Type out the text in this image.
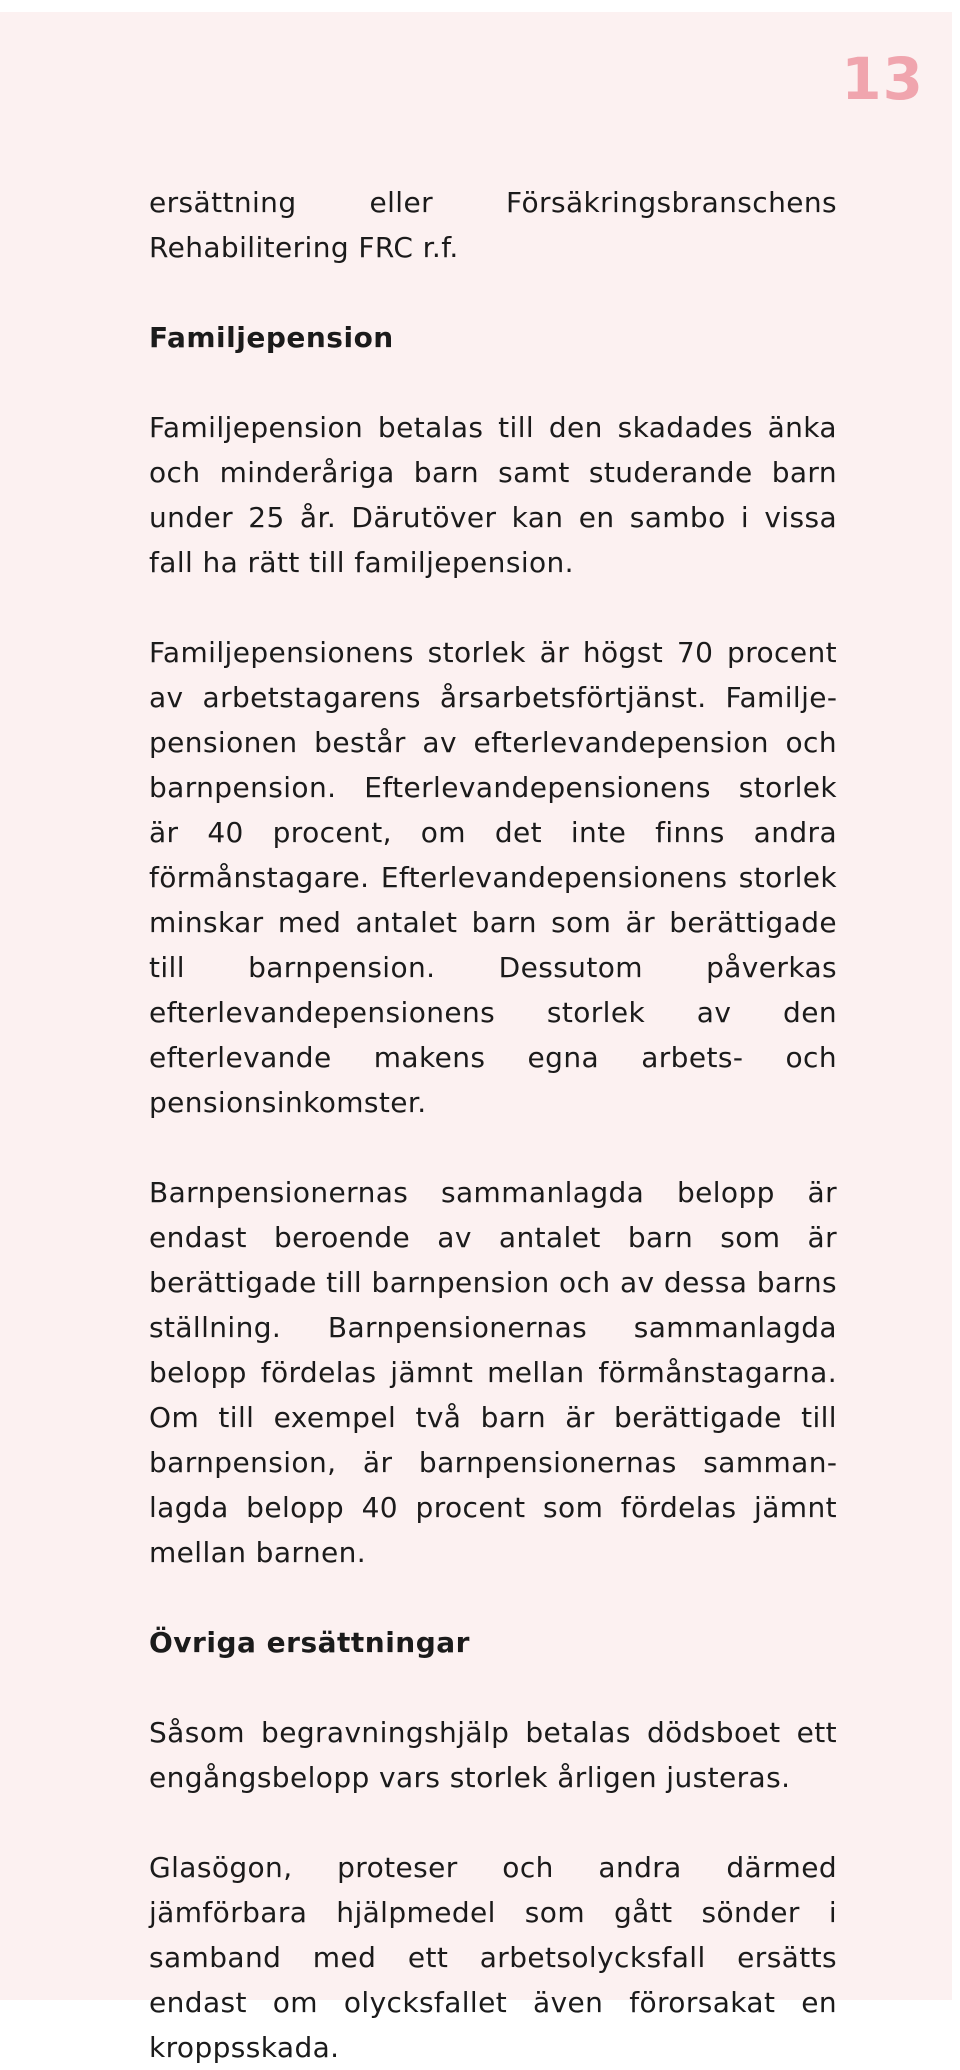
13

ersättning eller Försäkringsbranschens Rehabilitering FRC r.f.

Familjepension

Familjepension betalas till den skadades änka och minderåriga barn samt studerande barn under 25 år. Därutöver kan en sambo i vissa fall ha rätt till familjepension.

Familjepensionens storlek är högst 70 procent av arbetstagarens årsarbetsförtjänst. Familjepensionen består av efterlevandepension och barnpension. Efterlevandepensionens storlek är 40 procent, om det inte finns andra förmånstagare. Efterlevandepensionens storlek minskar med antalet barn som är berättigade till barnpension. Dessutom påverkas efterlevandepensionens storlek av den efterlevande makens egna arbets- och pensionsinkomster.

Barnpensionernas sammanlagda belopp är endast beroende av antalet barn som är berättigade till barnpension och av dessa barns ställning. Barnpensionernas sammanlagda belopp fördelas jämnt mellan förmånstagarna. Om till exempel två barn är berättigade till barnpension, är barnpensionernas sammanlagda belopp 40 procent som fördelas jämnt mellan barnen.

Övriga ersättningar

Såsom begravningshjälp betalas dödsboet ett engångsbelopp vars storlek årligen justeras.

Glasögon, proteser och andra därmed jämförbara hjälpmedel som gått sönder i samband med ett arbetsolycksfall ersätts endast om olycksfallet även förorsakat en kroppsskada.
